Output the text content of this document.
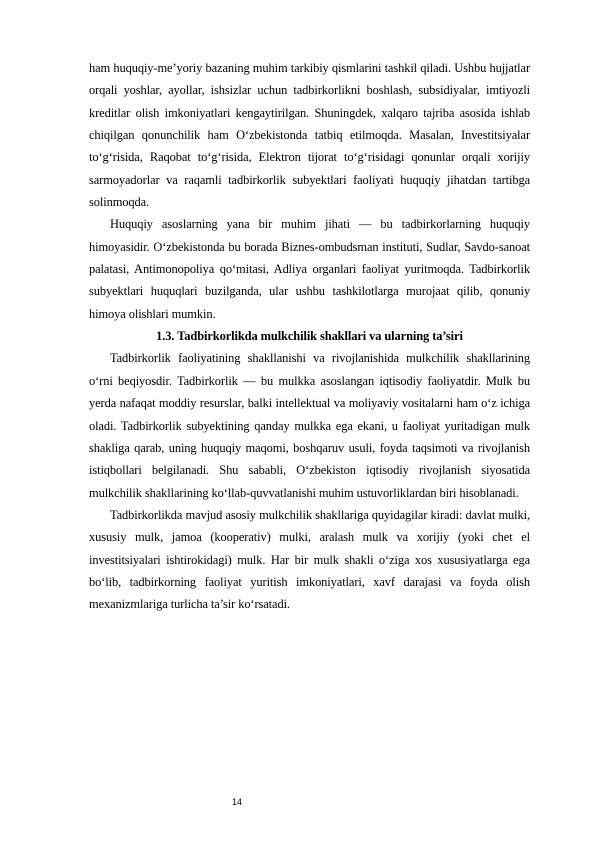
ham huquqiy-me’yoriy bazaning muhim tarkibiy qismlarini tashkil qiladi. Ushbu hujjatlar orqali yoshlar, ayollar, ishsizlar uchun tadbirkorlikni boshlash, subsidiyalar, imtiyozli kreditlar olish imkoniyatlari kengaytirilgan. Shuningdek, xalqaro tajriba asosida ishlab chiqilgan qonunchilik ham O‘zbekistonda tatbiq etilmoqda. Masalan, Investitsiyalar to‘g‘risida, Raqobat to‘g‘risida, Elektron tijorat to‘g‘risidagi qonunlar orqali xorijiy sarmoyadorlar va raqamli tadbirkorlik subyektlari faoliyati huquqiy jihatdan tartibga solinmoqda.

Huquqiy asoslarning yana bir muhim jihati — bu tadbirkorlarning huquqiy himoyasidir. O‘zbekistonda bu borada Biznes-ombudsman instituti, Sudlar, Savdo-sanoat palatasi, Antimonopoliya qo‘mitasi, Adliya organlari faoliyat yuritmoqda. Tadbirkorlik subyektlari huquqlari buzilganda, ular ushbu tashkilotlarga murojaat qilib, qonuniy himoya olishlari mumkin.

1.3. Tadbirkorlikda mulkchilik shakllari va ularning ta’siri

Tadbirkorlik faoliyatining shakllanishi va rivojlanishida mulkchilik shakllarining o‘rni beqiyosdir. Tadbirkorlik — bu mulkka asoslangan iqtisodiy faoliyatdir. Mulk bu yerda nafaqat moddiy resurslar, balki intellektual va moliyaviy vositalarni ham o‘z ichiga oladi. Tadbirkorlik subyektining qanday mulkka ega ekani, u faoliyat yuritadigan mulk shakliga qarab, uning huquqiy maqomi, boshqaruv usuli, foyda taqsimoti va rivojlanish istiqbollari belgilanadi. Shu sababli, O‘zbekiston iqtisodiy rivojlanish siyosatida mulkchilik shakllarining ko‘llab-quvvatlanishi muhim ustuvorliklardan biri hisoblanadi.

Tadbirkorlikda mavjud asosiy mulkchilik shakllariga quyidagilar kiradi: davlat mulki, xususiy mulk, jamoa (kooperativ) mulki, aralash mulk va xorijiy (yoki chet el investitsiyalari ishtirokidagi) mulk. Har bir mulk shakli o‘ziga xos xususiyatlarga ega bo‘lib, tadbirkorning faoliyat yuritish imkoniyatlari, xavf darajasi va foyda olish mexanizmlariga turlicha ta’sir ko‘rsatadi.

14
